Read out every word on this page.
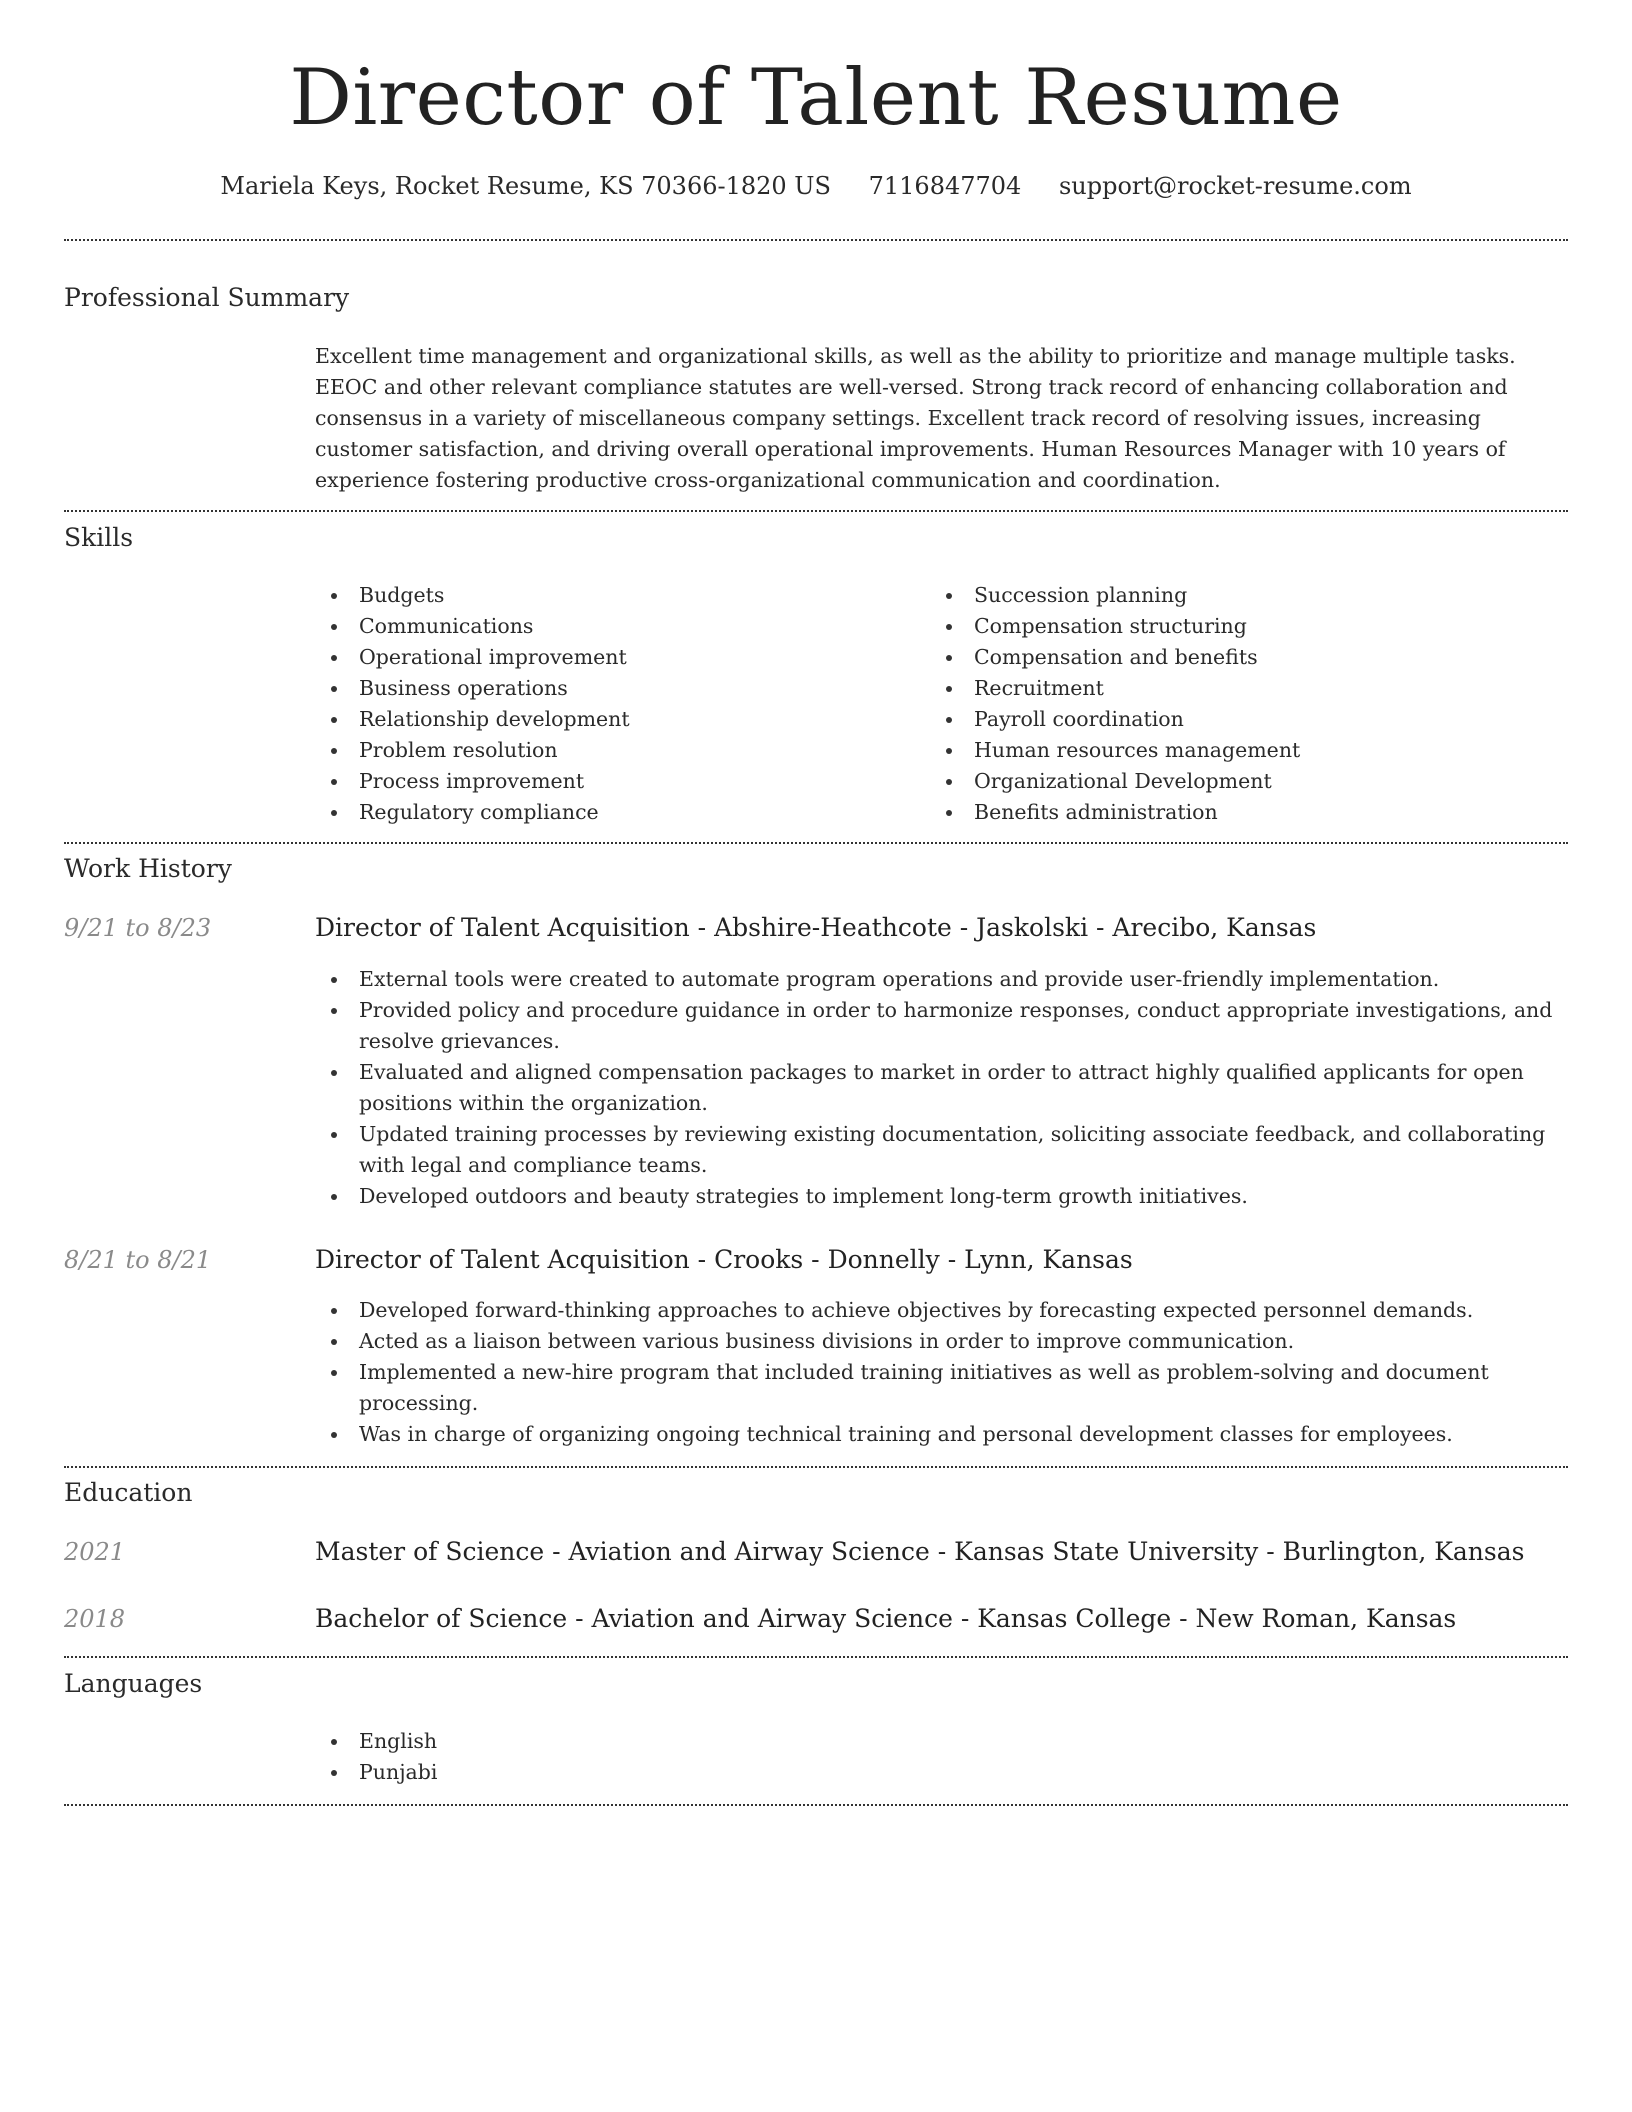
Director of Talent Resume
Mariela Keys, Rocket Resume, KS 70366-1820 US 7116847704 support@rocket-resume.com
Professional Summary

Excellent time management and organizational skills, as well as the ability to prioritize and manage multiple tasks. EEOC and other relevant compliance statutes are well-versed. Strong track record of enhancing collaboration and consensus in a variety of miscellaneous company settings. Excellent track record of resolving issues, increasing customer satisfaction, and driving overall operational improvements. Human Resources Manager with 10 years of experience fostering productive cross-organizational communication and coordination.

Skills
Budgets
Communications
Operational improvement
Business operations
Relationship development
Problem resolution
Process improvement
Regulatory compliance
Succession planning
Compensation structuring
Compensation and benefits
Recruitment
Payroll coordination
Human resources management
Organizational Development
Benefits administration
Work History
9/21 to 8/23	Director of Talent Acquisition - Abshire-Heathcote - Jaskolski - Arecibo, Kansas
External tools were created to automate program operations and provide user-friendly implementation.
Provided policy and procedure guidance in order to harmonize responses, conduct appropriate investigations, and resolve grievances.
Evaluated and aligned compensation packages to market in order to attract highly qualified applicants for open positions within the organization.
Updated training processes by reviewing existing documentation, soliciting associate feedback, and collaborating with legal and compliance teams.
Developed outdoors and beauty strategies to implement long-term growth initiatives.
8/21 to 8/21	Director of Talent Acquisition - Crooks - Donnelly - Lynn, Kansas
Developed forward-thinking approaches to achieve objectives by forecasting expected personnel demands.
Acted as a liaison between various business divisions in order to improve communication.
Implemented a new-hire program that included training initiatives as well as problem-solving and document processing.
Was in charge of organizing ongoing technical training and personal development classes for employees.
Education
2021	Master of Science - Aviation and Airway Science - Kansas State University - Burlington, Kansas
2018	Bachelor of Science - Aviation and Airway Science - Kansas College - New Roman, Kansas
Languages
English
Punjabi
